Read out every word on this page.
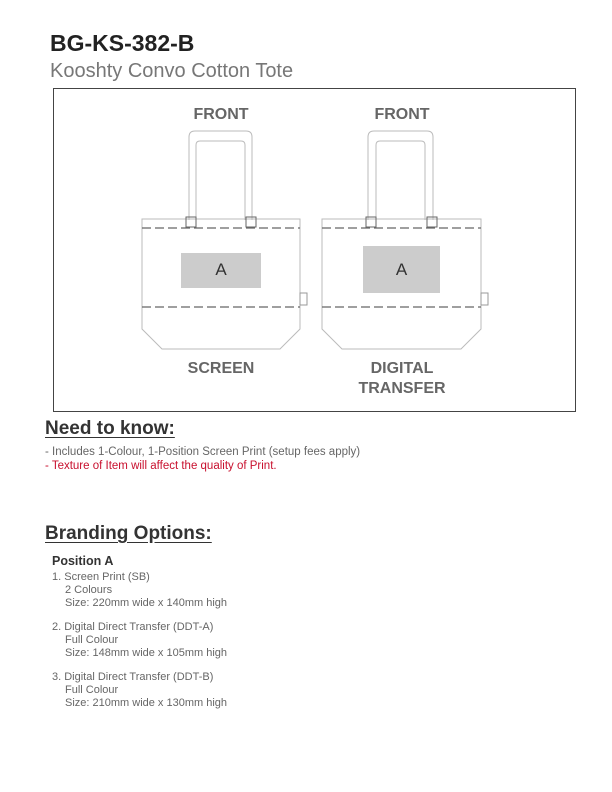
BG-KS-382-B
Kooshty Convo Cotton Tote
FRONT	FRONT
A	A
SCREEN	DIGITAL
TRANSFER
Need to know:
- Includes 1-Colour, 1-Position Screen Print (setup fees apply)
- Texture of Item will affect the quality of Print.
Branding Options:
Position A
1. Screen Print (SB)
2 Colours
Size: 220mm wide x 140mm high
2. Digital Direct Transfer (DDT-A)
Full Colour
Size: 148mm wide x 105mm high
3. Digital Direct Transfer (DDT-B)
Full Colour
Size: 210mm wide x 130mm high
